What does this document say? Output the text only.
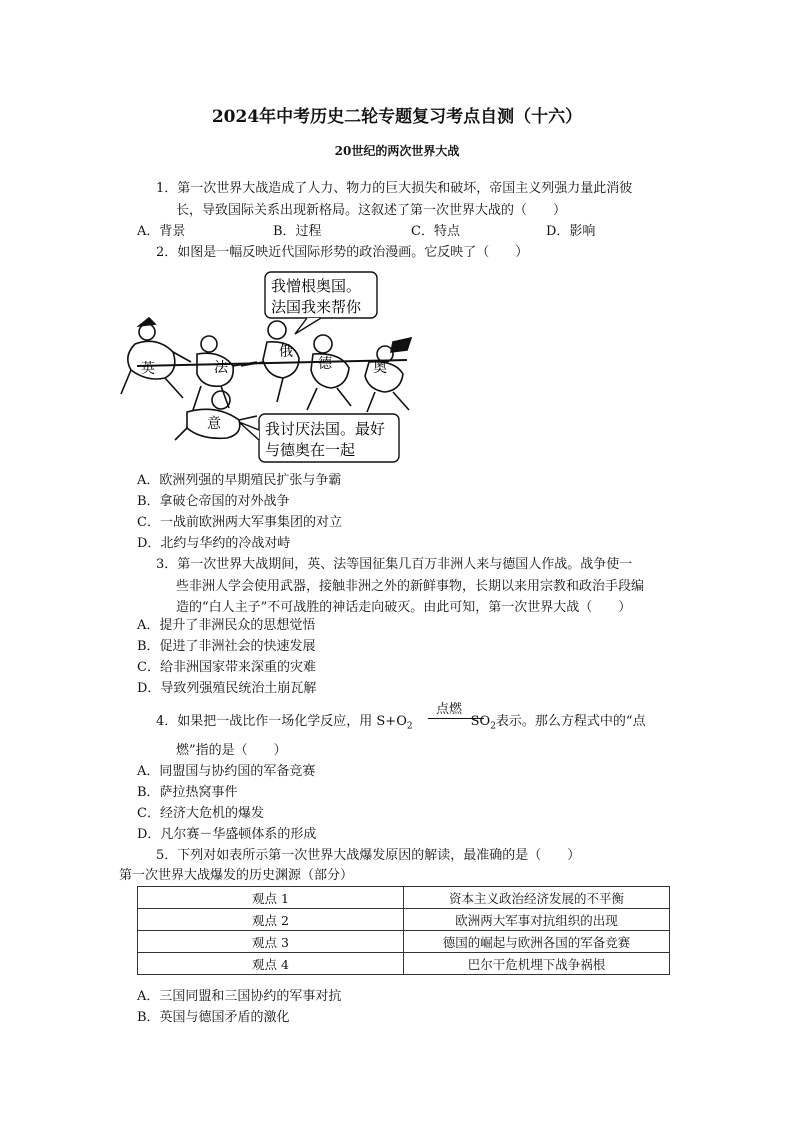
2024年中考历史二轮专题复习考点自测（十六）
20世纪的两次世界大战
1．第一次世界大战造成了人力、物力的巨大损失和破坏，帝国主义列强力量此消彼
长，导致国际关系出现新格局。这叙述了第一次世界大战的（　　）
A．背景	B．过程	C．特点	D．影响
2．如图是一幅反映近代国际形势的政治漫画。它反映了（　　）
我憎根奥国。
法国我来帮你
英	法
俄
德	奥
意	我讨厌法国。最好
与德奥在一起
A．欧洲列强的早期殖民扩张与争霸
B．拿破仑帝国的对外战争
C．一战前欧洲两大军事集团的对立
D．北约与华约的冷战对峙
3．第一次世界大战期间，英、法等国征集几百万非洲人来与德国人作战。战争使一
些非洲人学会使用武器，接触非洲之外的新鲜事物，长期以来用宗教和政治手段编
造的“白人主子”不可战胜的神话走向破灭。由此可知，第一次世界大战（　　）
A．提升了非洲民众的思想觉悟
B．促进了非洲社会的快速发展
C．给非洲国家带来深重的灾难
D．导致列强殖民统治土崩瓦解
4．如果把一战比作一场化学反应，用 $S+O_2$	$SO_2$表示。那么方程式中的“点
点燃
燃”指的是（　　）
A．同盟国与协约国的军备竞赛
B．萨拉热窝事件
C．经济大危机的爆发
D．凡尔赛－华盛顿体系的形成
5．下列对如表所示第一次世界大战爆发原因的解读，最准确的是（　　）
第一次世界大战爆发的历史渊源（部分）
观点 1	资本主义政治经济发展的不平衡
观点 2	欧洲两大军事对抗组织的出现
观点 3	德国的崛起与欧洲各国的军备竞赛
观点 4	巴尔干危机埋下战争祸根
A．三国同盟和三国协约的军事对抗
B．英国与德国矛盾的激化
